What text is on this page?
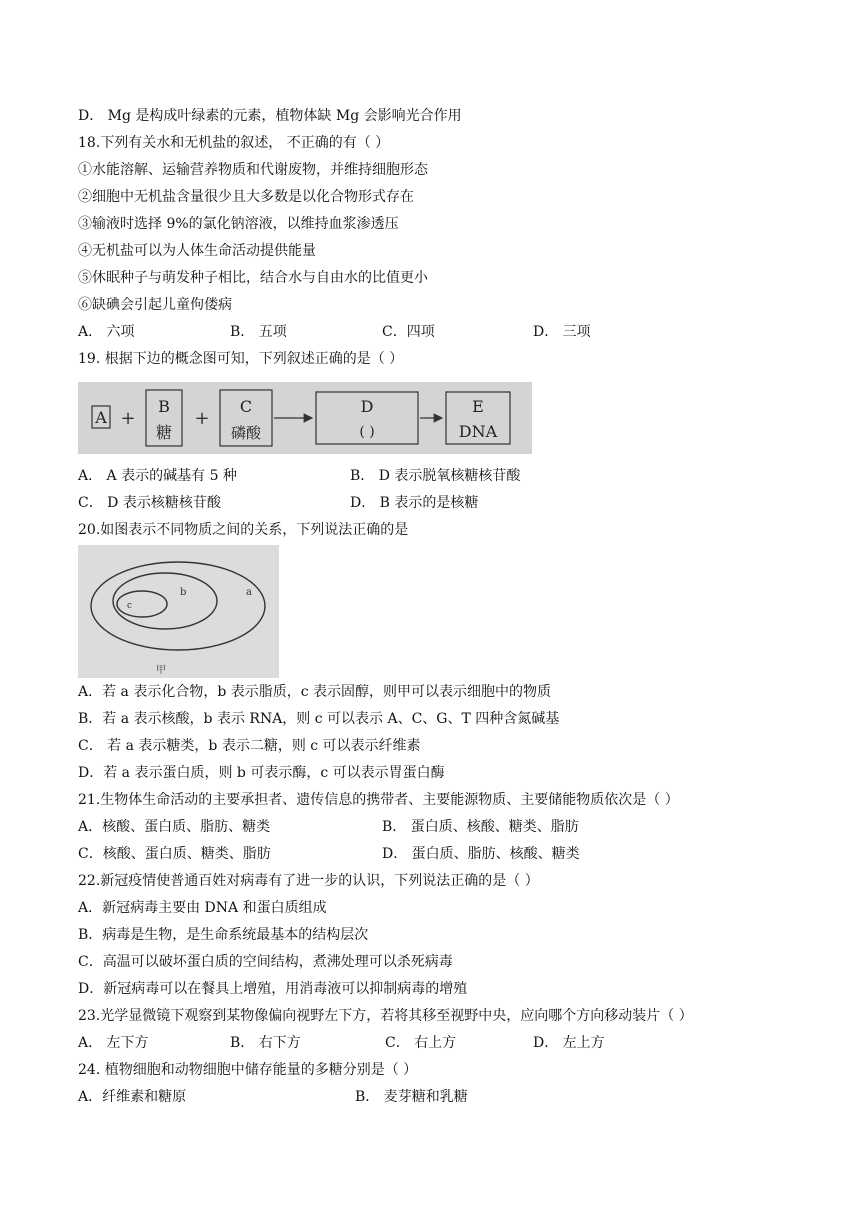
D． Mg 是构成叶绿素的元素，植物体缺 Mg 会影响光合作用
18.下列有关水和无机盐的叙述， 不正确的有（ ）
①水能溶解、运输营养物质和代谢废物，并维持细胞形态
②细胞中无机盐含量很少且大多数是以化合物形式存在
③输液时选择 9%的氯化钠溶液，以维持血浆渗透压
④无机盐可以为人体生命活动提供能量
⑤休眠种子与萌发种子相比，结合水与自由水的比值更小
⑥缺碘会引起儿童佝偻病
A． 六项	B． 五项	C．四项	D． 三项
19. 根据下边的概念图可知，下列叙述正确的是（ ）
A +
B
糖
+
C
磷酸
D
( )
E
DNA
A． A 表示的碱基有 5 种	B． D 表示脱氧核糖核苷酸
C． D 表示核糖核苷酸	D． B 表示的是核糖
20.如图表示不同物质之间的关系，下列说法正确的是
a
b
c
甲
A．若 a 表示化合物，b 表示脂质，c 表示固醇，则甲可以表示细胞中的物质
B．若 a 表示核酸，b 表示 RNA，则 c 可以表示 A、C、G、T 四种含氮碱基
C． 若 a 表示糖类，b 表示二糖，则 c 可以表示纤维素
D．若 a 表示蛋白质，则 b 可表示酶，c 可以表示胃蛋白酶
21.生物体生命活动的主要承担者、遗传信息的携带者、主要能源物质、主要储能物质依次是（ ）
A．核酸、蛋白质、脂肪、糖类	B． 蛋白质、核酸、糖类、脂肪
C．核酸、蛋白质、糖类、脂肪	D． 蛋白质、脂肪、核酸、糖类
22.新冠疫情使普通百姓对病毒有了进一步的认识，下列说法正确的是（ ）
A．新冠病毒主要由 DNA 和蛋白质组成
B．病毒是生物，是生命系统最基本的结构层次
C．高温可以破坏蛋白质的空间结构，煮沸处理可以杀死病毒
D．新冠病毒可以在餐具上增殖，用消毒液可以抑制病毒的增殖
23.光学显微镜下观察到某物像偏向视野左下方，若将其移至视野中央，应向哪个方向移动装片（ ）
A． 左下方	B． 右下方	C． 右上方	D． 左上方
24. 植物细胞和动物细胞中储存能量的多糖分别是（ ）
A．纤维素和糖原	B． 麦芽糖和乳糖
